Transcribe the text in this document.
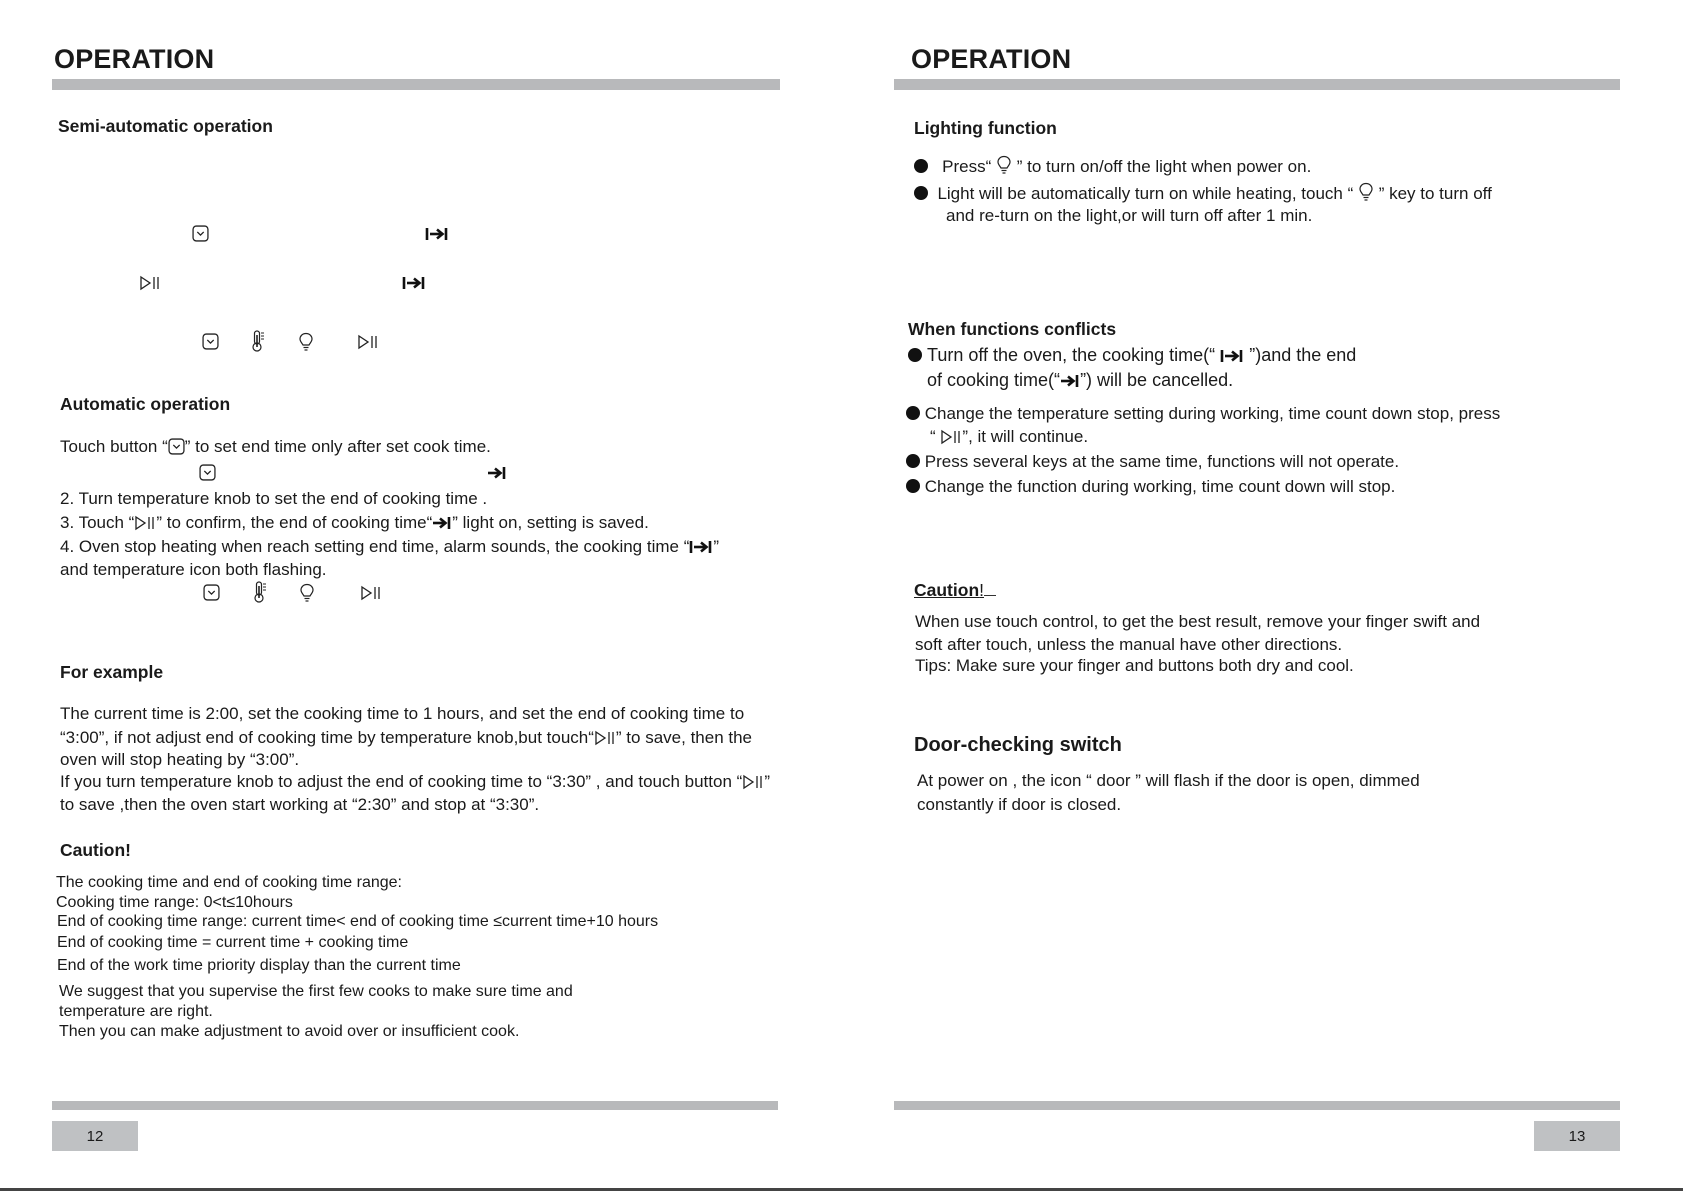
OPERATION
Semi-automatic operation
Automatic operation
Touch button “ ” to set end time only after set cook time.
2. Turn temperature knob to set the end of cooking time .
3. Touch “ ” to confirm, the end of cooking time“ ” light on, setting is saved.
4. Oven stop heating when reach setting end time, alarm sounds, the cooking time “ ”
and temperature icon both flashing.
For example
The current time is 2:00, set the cooking time to 1 hours, and set the end of cooking time to
“3:00”, if not adjust end of cooking time by temperature knob,but touch“ ” to save, then the
oven will stop heating by “3:00”.
If you turn temperature knob to adjust the end of cooking time to “3:30” , and touch button “ ”
to save ,then the oven start working at “2:30” and stop at “3:30”.
Caution!
The cooking time and end of cooking time range:
Cooking time range: 0<t≤10hours
End of cooking time range: current time< end of cooking time ≤current time+10 hours
End of cooking time = current time + cooking time
End of the work time priority display than the current time
We suggest that you supervise the first few cooks to make sure time and
temperature are right.
Then you can make adjustment to avoid over or insufficient cook.
12
OPERATION
Lighting function
Press“ ” to turn on/off the light when power on.
Light will be automatically turn on while heating, touch “ ” key to turn off
and re-turn on the light,or will turn off after 1 min.
When functions conflicts
Turn off the oven, the cooking time(“ ”)and the end
of cooking time(“ ”) will be cancelled.
Change the temperature setting during working, time count down stop, press
“ ”, it will continue.
Press several keys at the same time, functions will not operate.
Change the function during working, time count down will stop.
Caution!
When use touch control, to get the best result, remove your finger swift and
soft after touch, unless the manual have other directions.
Tips: Make sure your finger and buttons both dry and cool.
Door-checking switch
At power on , the icon “ door ” will flash if the door is open, dimmed
constantly if door is closed.
13
